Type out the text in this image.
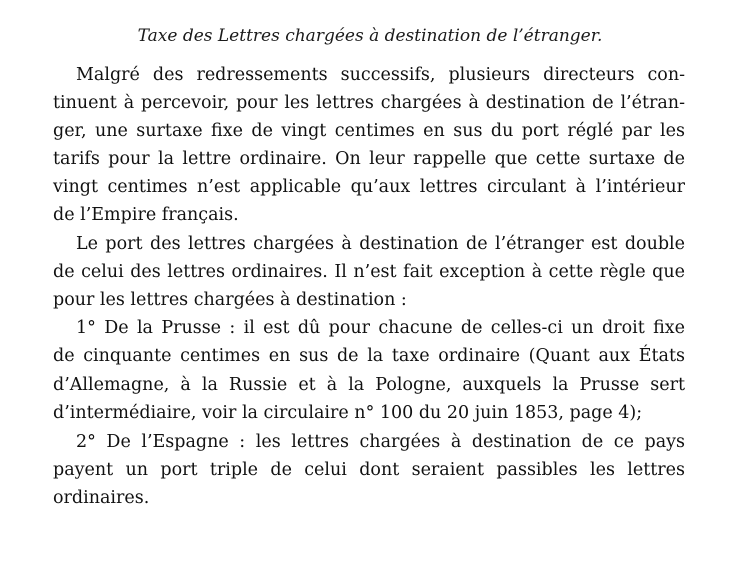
Taxe des Lettres chargées à destination de l’étranger.
Malgré des redressements successifs, plusieurs directeurs con-
tinuent à percevoir, pour les lettres chargées à destination de l’étran-
ger, une surtaxe fixe de vingt centimes en sus du port réglé par les
tarifs pour la lettre ordinaire. On leur rappelle que cette surtaxe de
vingt centimes n’est applicable qu’aux lettres circulant à l’intérieur
de l’Empire français.
Le port des lettres chargées à destination de l’étranger est double
de celui des lettres ordinaires. Il n’est fait exception à cette règle que
pour les lettres chargées à destination :
1° De la Prusse : il est dû pour chacune de celles-ci un droit fixe
de cinquante centimes en sus de la taxe ordinaire (Quant aux États
d’Allemagne, à la Russie et à la Pologne, auxquels la Prusse sert
d’intermédiaire, voir la circulaire n° 100 du 20 juin 1853, page 4);
2° De l’Espagne : les lettres chargées à destination de ce pays
payent un port triple de celui dont seraient passibles les lettres
ordinaires.
